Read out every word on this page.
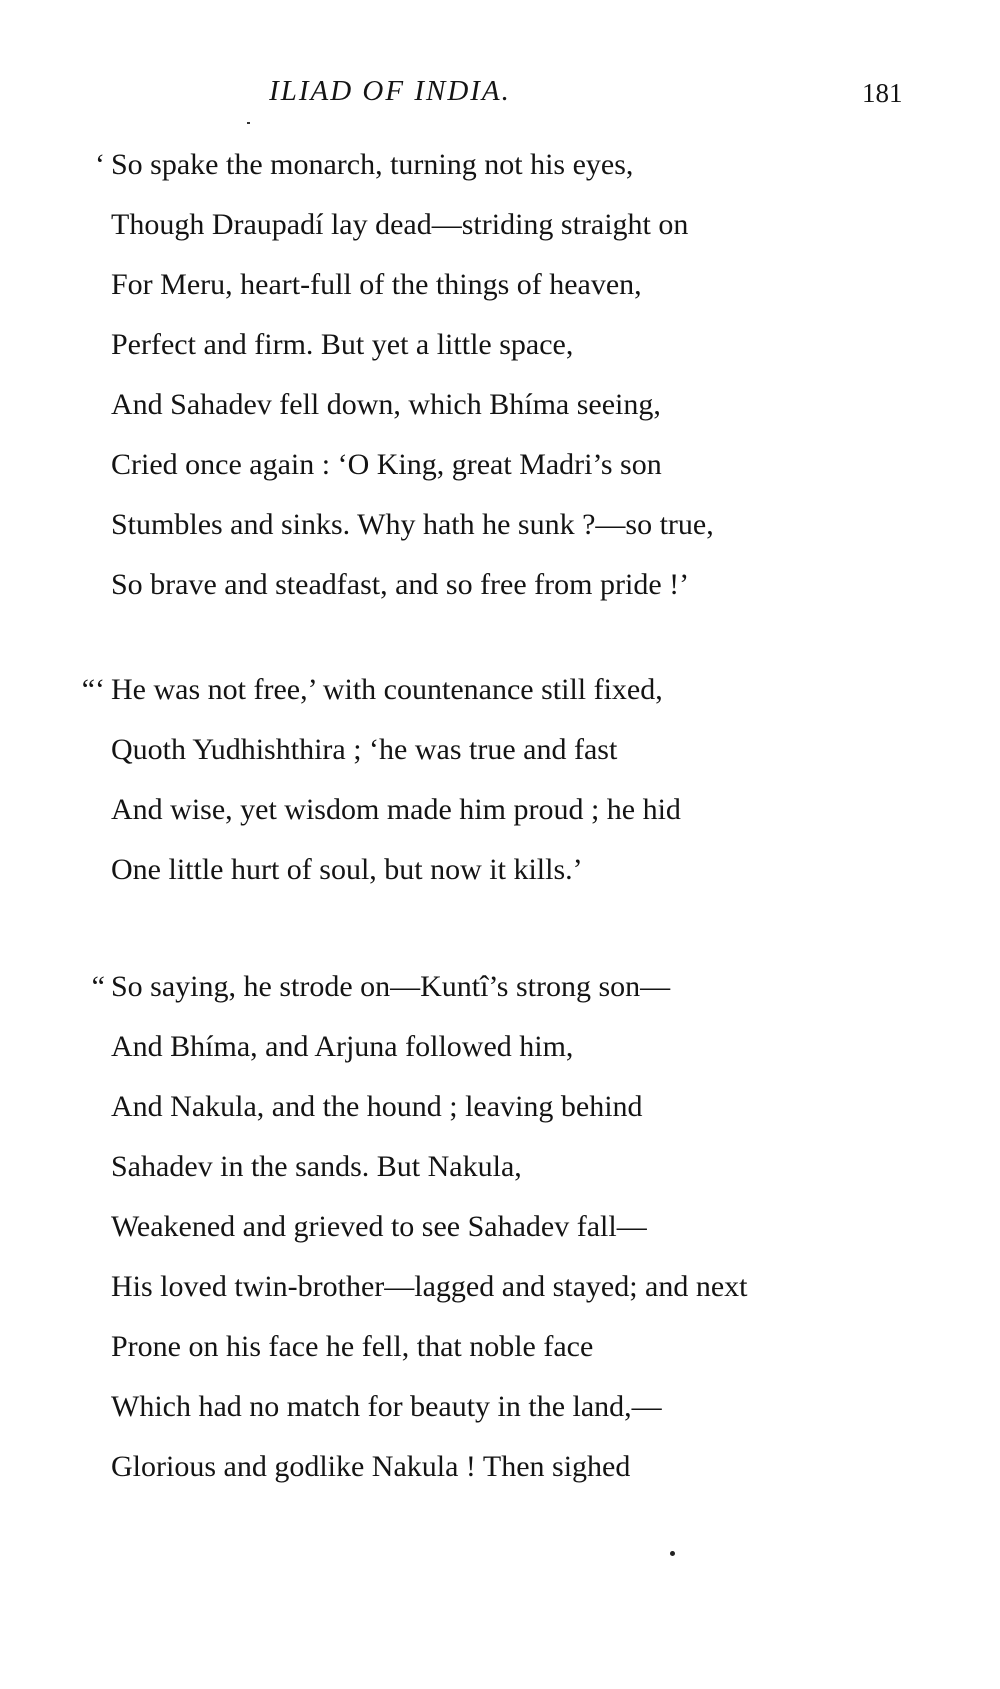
ILIAD OF INDIA.	181
‘ So spake the monarch, turning not his eyes,
Though Draupadí lay dead—striding straight on
For Meru, heart-full of the things of heaven,
Perfect and firm. But yet a little space,
And Sahadev fell down, which Bhíma seeing,
Cried once again : ‘O King, great Madri’s son
Stumbles and sinks. Why hath he sunk ?—so true,
So brave and steadfast, and so free from pride !’
“‘ He was not free,’ with countenance still fixed,
Quoth Yudhishthira ; ‘he was true and fast
And wise, yet wisdom made him proud ; he hid
One little hurt of soul, but now it kills.’
“ So saying, he strode on—Kuntî’s strong son—
And Bhíma, and Arjuna followed him,
And Nakula, and the hound ; leaving behind
Sahadev in the sands. But Nakula,
Weakened and grieved to see Sahadev fall—
His loved twin-brother—lagged and stayed; and next
Prone on his face he fell, that noble face
Which had no match for beauty in the land,—
Glorious and godlike Nakula ! Then sighed
